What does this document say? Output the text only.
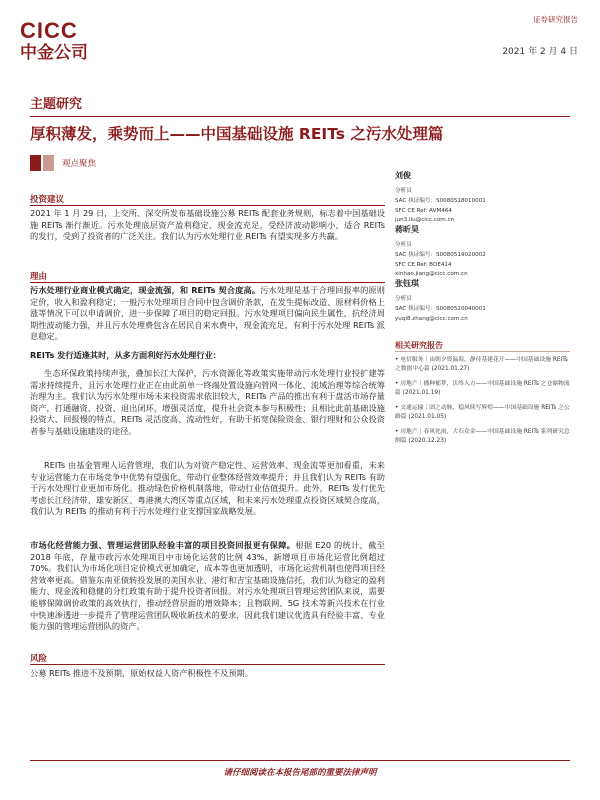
CICC
中金公司
证券研究报告
2021 年 2 月 4 日
主题研究
厚积薄发，乘势而上——中国基础设施 REITs 之污水处理篇
观点聚焦
投资建议
2021 年 1 月 29 日，上交所、深交所发布基础设施公募 REITs 配套业务规则，标志着中国基础设施 REITs 渐行渐近。污水处理底层资产盈利稳定、现金流充足，受经济波动影响小，适合 REITs 的发行，受到了投资者的广泛关注。我们认为污水处理行业 REITs 有望实现多方共赢。
理由
污水处理行业商业模式确定，现金流强，和 REITs 契合度高。污水处理是基于合理回报率的原则定价，收入和盈利稳定；一般污水处理项目合同中包含调价条款，在发生提标改造、原材料价格上涨等情况下可以申请调价，进一步保障了项目的稳定回报。污水处理项目偏向民生属性，抗经济周期性波动能力强，并且污水处理费包含在居民自来水费中，现金流充足，有利于污水处理 REITs 派息稳定。
REITs 发行适逢其时，从多方面利好污水处理行业：
生态环保政策持续声张，叠加长江大保护，污水资源化等政策实施带动污水处理行业投扩建等需求持续提升，且污水处理行业正在由此前单一终端处置设施向管网一体化、流域治理等综合统筹治理为主。我们认为污水处理市场未来投资需求依旧较大，REITs 产品的推出有利于盘活市场存量资产，打通融资、投资、退出闭环，增强灵活度，提升社会资本参与积极性；且相比此前基础设施投资大、回报慢的特点，REITs 灵活度高、流动性好，有助于拓宽保险资金、银行理财和公众投资者参与基础设施建设的途径。
REITs 由基金管理人运营管理，我们认为对资产稳定性、运营效率、现金流等更加看重，未来专业运营能力在市场竞争中优势有望强化，带动行业整体经营效率提升；并且我们认为 REITs 有助于污水处理行业更加市场化。推动绿色价格机制落地，带动行业估值提升。此外，REITs 发行优先考虑长江经济带、雄安新区、粤港澳大湾区等重点区域，和未来污水处理重点投资区域契合度高，我们认为 REITs 的推动有利于污水处理行业支撑国家战略发展。
市场化经营能力强、管理运营团队经验丰富的项目投资回报更有保障。根据 E20 的统计，截至 2018 年底，存量市政污水处理项目中市场化运营的比例 43%，新增项目市场化运营比例超过 70%。我们认为市场化项目定价模式更加确定，成本等也更加透明，市场化运营机制也使得项目经营效率更高。借鉴东南亚债转投发展的美国水业、港灯和吉宝基础设施信托，我们认为稳定的盈利能力、现金流和稳健的分红政策有助于提升投资者回报。对污水处理项目管理运营团队来说，需要能够保障调价政策的高效执行，推动经营层面的增效降本；且物联网、5G 技术等新兴技术在行业中快速渗透进一步提升了管理运营团队吸收新技术的要求，因此我们建议优选具有经验丰富、专业能力强的管理运营团队的资产。
风险
公募 REITs 推进不及预期，原始权益人资产积极性不及预期。
刘俊
分析员
SAC 执证编号：S0080518010001
SFC CE Ref: AVM464
jun3.liu@cicc.com.cn
蒋昕昊
分析员
SAC 执证编号：S0080519020002
SFC CE Ref: BOE414
xinhao.jiang@cicc.com.cn
张钰琪
分析员
SAC 执证编号：S0080520040001
yuqi8.zhang@cicc.com.cn
相关研究报告
• 电信服务｜由朝夕资温海，静待基建花开——中国基础设施 REITs 之数据中心篇 (2021.01.27)
• 房地产｜播种郁梦，沃终入方——中国基础设施 REITs 之仓储物流篇 (2021.01.19)
• 交通运输｜固之动脉，稳风续写辉煌——中国基础设施 REITs 之公路篇 (2021.01.05)
• 房地产｜春风化雨，大石众金——中国基础设施 REITs 系列研究总纲篇 (2020.12.23)
请仔细阅读在本报告尾部的重要法律声明
